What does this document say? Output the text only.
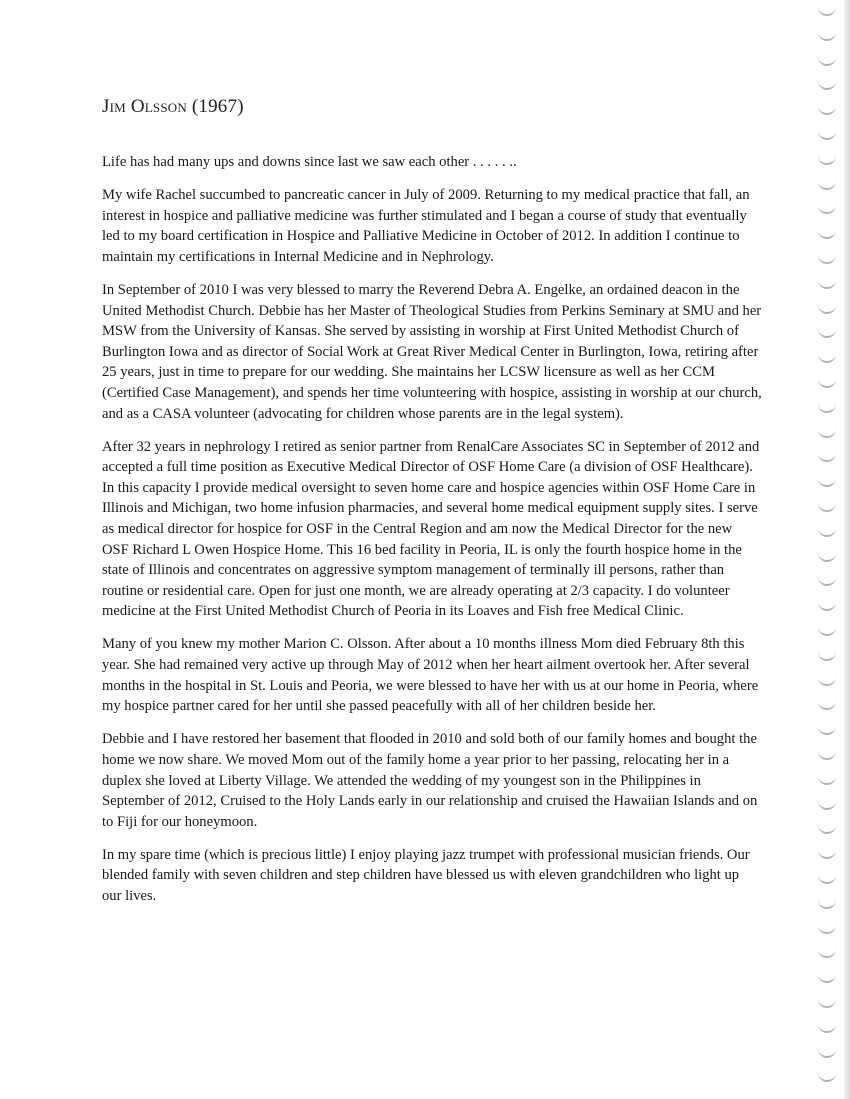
Jim Olsson (1967)

Life has had many ups and downs since last we saw each other . . . . . ..

My wife Rachel succumbed to pancreatic cancer in July of 2009. Returning to my medical practice that fall, an interest in hospice and palliative medicine was further stimulated and I began a course of study that eventually led to my board certification in Hospice and Palliative Medicine in October of 2012. In addition I continue to maintain my certifications in Internal Medicine and in Nephrology.

In September of 2010 I was very blessed to marry the Reverend Debra A. Engelke, an ordained deacon in the United Methodist Church. Debbie has her Master of Theological Studies from Perkins Seminary at SMU and her MSW from the University of Kansas. She served by assisting in worship at First United Methodist Church of Burlington Iowa and as director of Social Work at Great River Medical Center in Burlington, Iowa, retiring after 25 years, just in time to prepare for our wedding. She maintains her LCSW licensure as well as her CCM (Certified Case Management), and spends her time volunteering with hospice, assisting in worship at our church, and as a CASA volunteer (advocating for children whose parents are in the legal system).

After 32 years in nephrology I retired as senior partner from RenalCare Associates SC in September of 2012 and accepted a full time position as Executive Medical Director of OSF Home Care (a division of OSF Healthcare). In this capacity I provide medical oversight to seven home care and hospice agencies within OSF Home Care in Illinois and Michigan, two home infusion pharmacies, and several home medical equipment supply sites. I serve as medical director for hospice for OSF in the Central Region and am now the Medical Director for the new OSF Richard L Owen Hospice Home. This 16 bed facility in Peoria, IL is only the fourth hospice home in the state of Illinois and concentrates on aggressive symptom management of terminally ill persons, rather than routine or residential care. Open for just one month, we are already operating at 2/3 capacity. I do volunteer medicine at the First United Methodist Church of Peoria in its Loaves and Fish free Medical Clinic.

Many of you knew my mother Marion C. Olsson. After about a 10 months illness Mom died February 8th this year. She had remained very active up through May of 2012 when her heart ailment overtook her. After several months in the hospital in St. Louis and Peoria, we were blessed to have her with us at our home in Peoria, where my hospice partner cared for her until she passed peacefully with all of her children beside her.

Debbie and I have restored her basement that flooded in 2010 and sold both of our family homes and bought the home we now share. We moved Mom out of the family home a year prior to her passing, relocating her in a duplex she loved at Liberty Village. We attended the wedding of my youngest son in the Philippines in September of 2012, Cruised to the Holy Lands early in our relationship and cruised the Hawaiian Islands and on to Fiji for our honeymoon.

In my spare time (which is precious little) I enjoy playing jazz trumpet with professional musician friends. Our blended family with seven children and step children have blessed us with eleven grandchildren who light up our lives.
